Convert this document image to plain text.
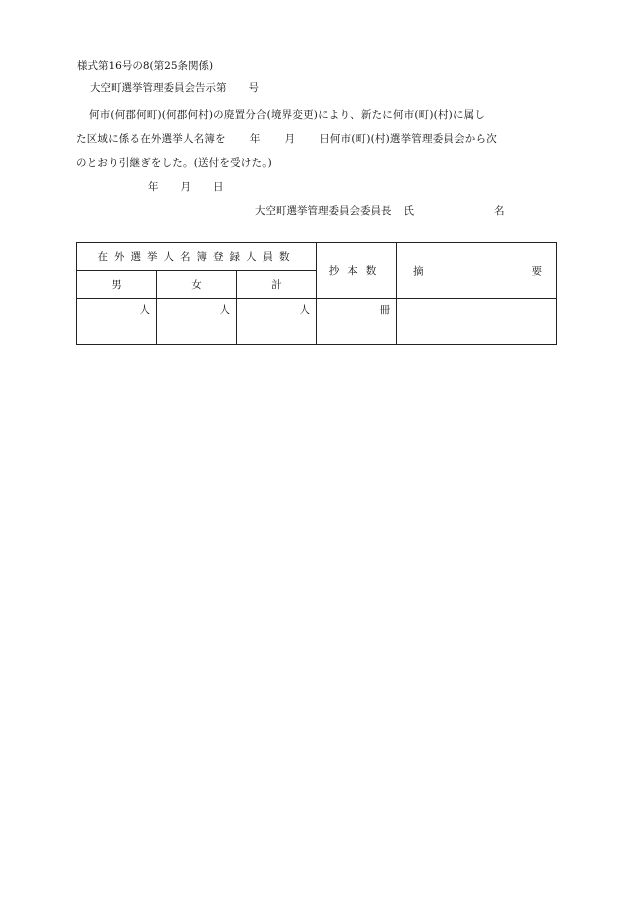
様式第16号の8(第25条関係)
大空町選挙管理委員会告示第 号
何市(何郡何町)(何郡何村)の廃置分合(境界変更)により、新たに何市(町)(村)に属し
た区域に係る在外選挙人名簿を 年 月 日何市(町)(村)選挙管理委員会から次
のとおり引継ぎをした。(送付を受けた。)
年 月 日
大空町選挙管理委員会委員長 氏	名
在外選挙人名簿登録人員数			抄本数	摘 要

男	女	計		
人	人	人	冊	
